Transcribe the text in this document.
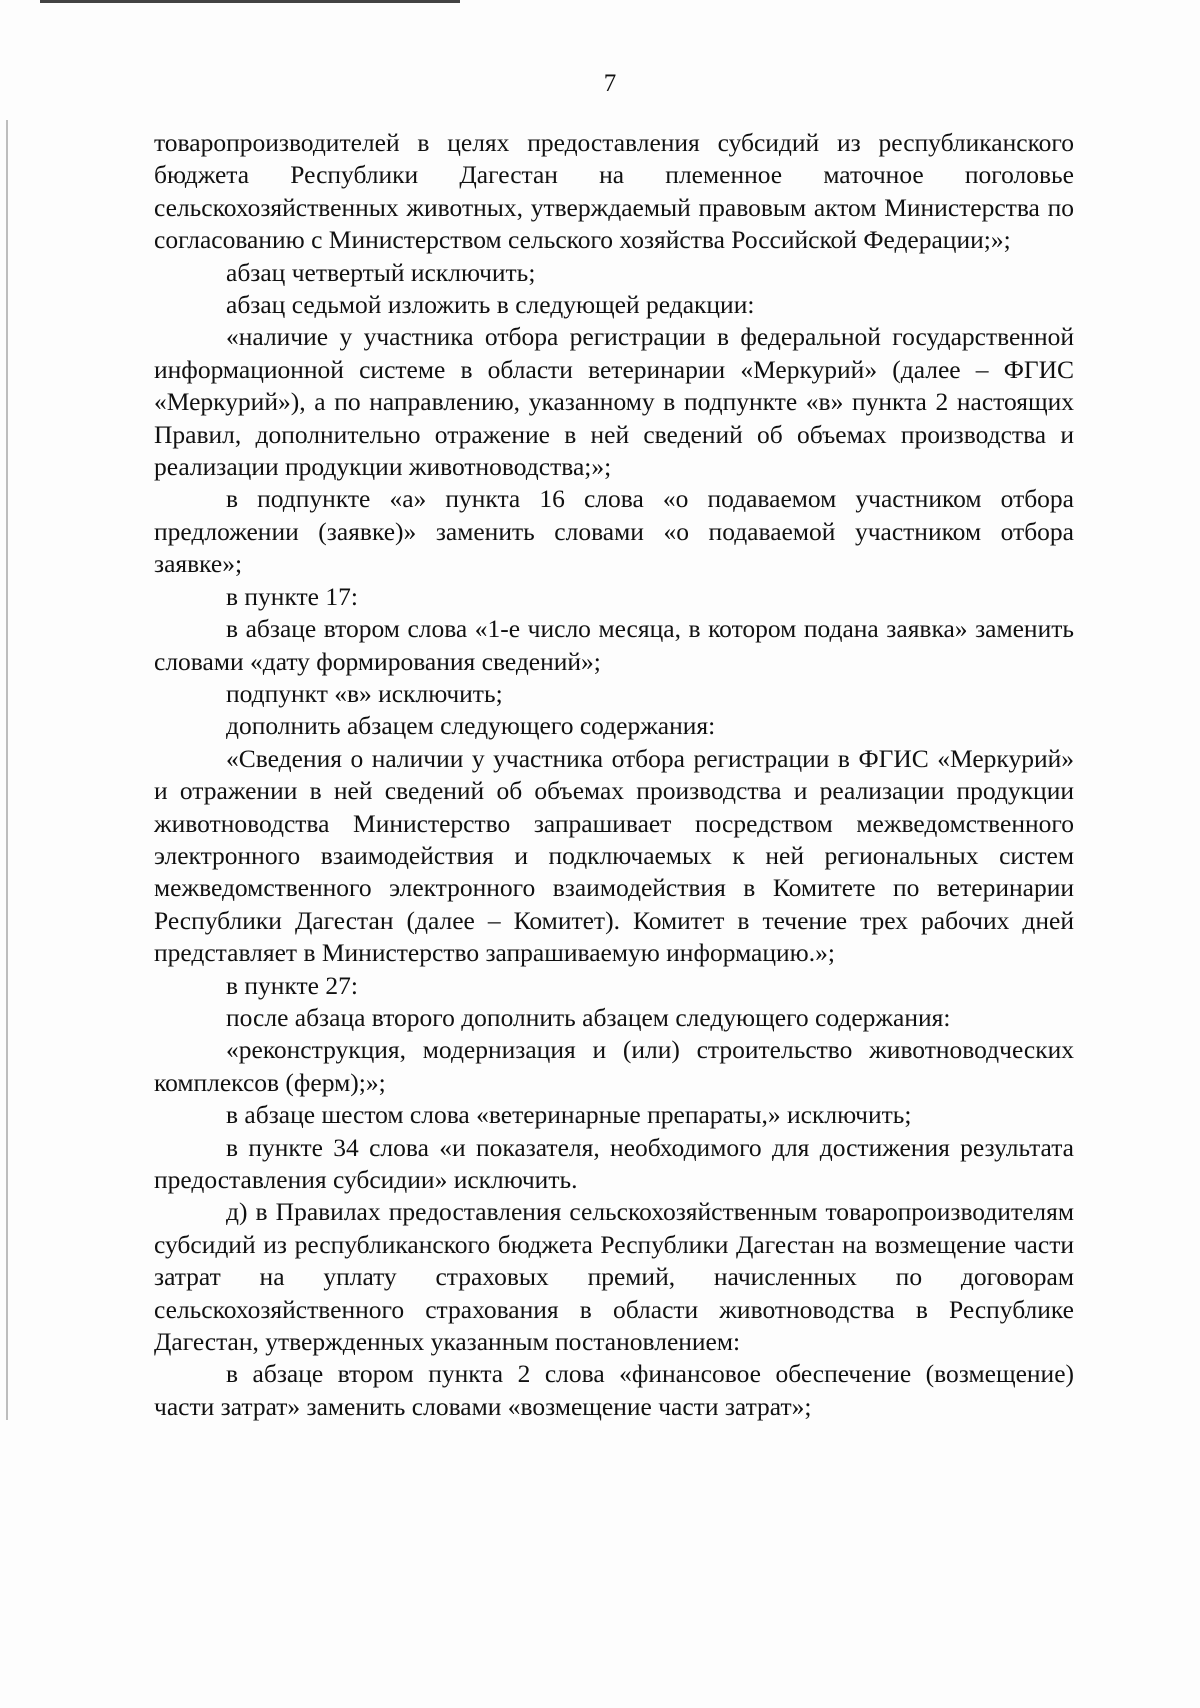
7

товаропроизводителей в целях предоставления субсидий из республиканского бюджета Республики Дагестан на племенное маточное поголовье сельскохозяйственных животных, утверждаемый правовым актом Министерства по согласованию с Министерством сельского хозяйства Российской Федерации;»;

абзац четвертый исключить;

абзац седьмой изложить в следующей редакции:

«наличие у участника отбора регистрации в федеральной государственной информационной системе в области ветеринарии «Меркурий» (далее – ФГИС «Меркурий»), а по направлению, указанному в подпункте «в» пункта 2 настоящих Правил, дополнительно отражение в ней сведений об объемах производства и реализации продукции животноводства;»;

в подпункте «а» пункта 16 слова «о подаваемом участником отбора предложении (заявке)» заменить словами «о подаваемой участником отбора заявке»;

в пункте 17:

в абзаце втором слова «1-е число месяца, в котором подана заявка» заменить словами «дату формирования сведений»;

подпункт «в» исключить;

дополнить абзацем следующего содержания:

«Сведения о наличии у участника отбора регистрации в ФГИС «Меркурий» и отражении в ней сведений об объемах производства и реализации продукции животноводства Министерство запрашивает посредством межведомственного электронного взаимодействия и подключаемых к ней региональных систем межведомственного электронного взаимодействия в Комитете по ветеринарии Республики Дагестан (далее – Комитет). Комитет в течение трех рабочих дней представляет в Министерство запрашиваемую информацию.»;

в пункте 27:

после абзаца второго дополнить абзацем следующего содержания:

«реконструкция, модернизация и (или) строительство животноводческих комплексов (ферм);»;

в абзаце шестом слова «ветеринарные препараты,» исключить;

в пункте 34 слова «и показателя, необходимого для достижения результата предоставления субсидии» исключить.

д) в Правилах предоставления сельскохозяйственным товаропроизводителям субсидий из республиканского бюджета Республики Дагестан на возмещение части затрат на уплату страховых премий, начисленных по договорам сельскохозяйственного страхования в области животноводства в Республике Дагестан, утвержденных указанным постановлением:

в абзаце втором пункта 2 слова «финансовое обеспечение (возмещение) части затрат» заменить словами «возмещение части затрат»;
